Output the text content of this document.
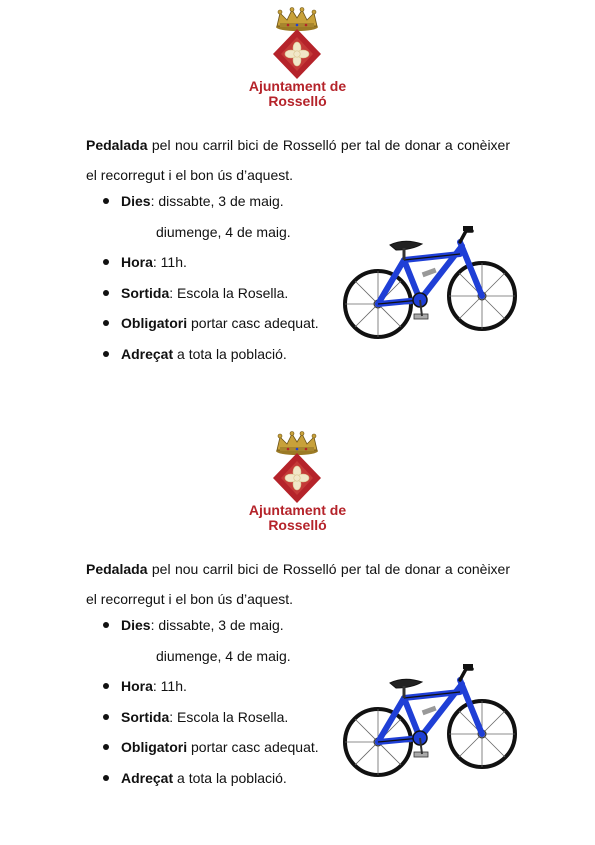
Ajuntament de
Rosselló

Pedalada pel nou carril bici de Rosselló per tal de donar a conèixer el recorregut i el bon ús d’aquest.

Dies: dissabte, 3 de maig.
diumenge, 4 de maig.
Hora: 11h.
Sortida: Escola la Rosella.
Obligatori portar casc adequat.
Adreçat a tota la població.
Ajuntament de
Rosselló

Pedalada pel nou carril bici de Rosselló per tal de donar a conèixer el recorregut i el bon ús d’aquest.

Dies: dissabte, 3 de maig.
diumenge, 4 de maig.
Hora: 11h.
Sortida: Escola la Rosella.
Obligatori portar casc adequat.
Adreçat a tota la població.
